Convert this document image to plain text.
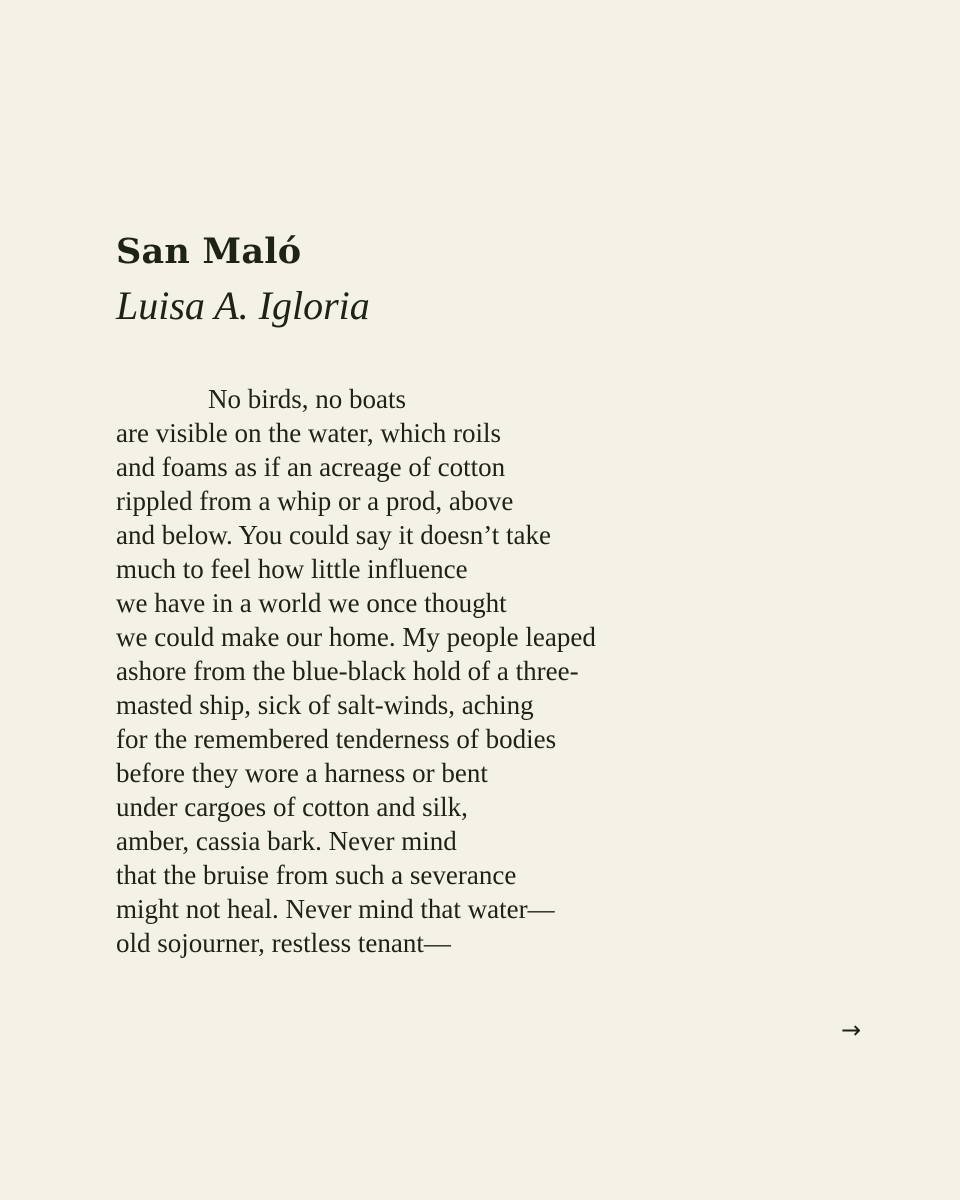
San Maló
Luisa A. Igloria
No birds, no boats
are visible on the water, which roils
and foams as if an acreage of cotton
rippled from a whip or a prod, above
and below. You could say it doesn’t take
much to feel how little influence
we have in a world we once thought
we could make our home. My people leaped
ashore from the blue-black hold of a three-
masted ship, sick of salt-winds, aching
for the remembered tenderness of bodies
before they wore a harness or bent
under cargoes of cotton and silk,
amber, cassia bark. Never mind
that the bruise from such a severance
might not heal. Never mind that water—
old sojourner, restless tenant—
→
